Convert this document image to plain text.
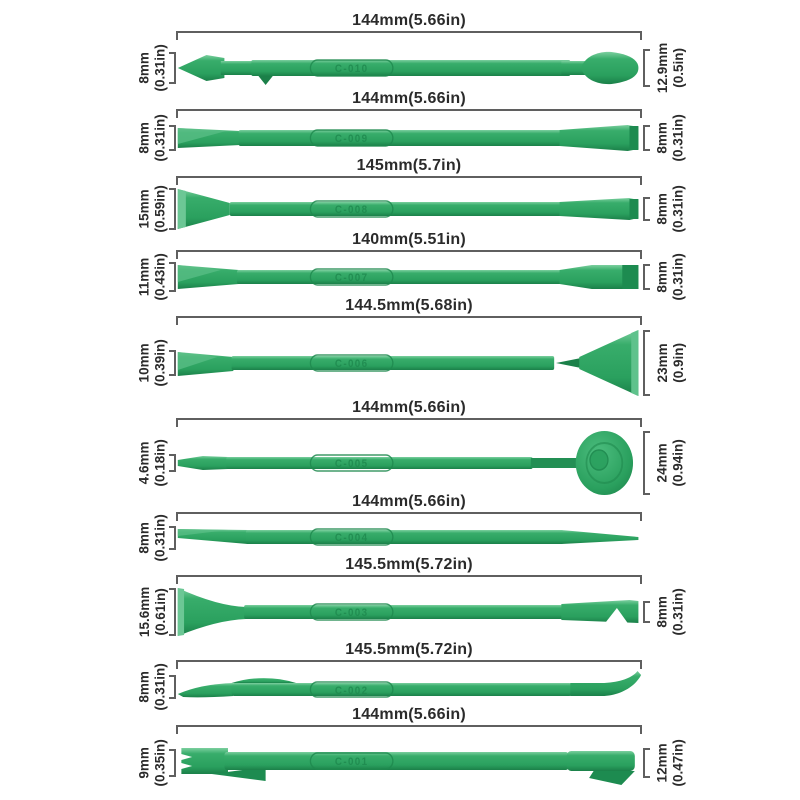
144mm(5.66in)
8mm (0.31in)	C-010	12.9mm (0.5in)
144mm(5.66in)
8mm (0.31in)	C-009	8mm (0.31in)
145mm(5.7in)
15mm (0.59in)	C-008	8mm (0.31in)
140mm(5.51in)
11mm (0.43in)	C-007	8mm (0.31in)
144.5mm(5.68in)
10mm (0.39in)	C-006	23mm (0.9in)
144mm(5.66in)
4.6mm (0.18in)	C-005	24mm (0.94in)
144mm(5.66in)
8mm (0.31in)	C-004
145.5mm(5.72in)
15.6mm (0.61in)	C-003	8mm (0.31in)
145.5mm(5.72in)
8mm (0.31in)	C-002
144mm(5.66in)
9mm (0.35in)	C-001	12mm (0.47in)
